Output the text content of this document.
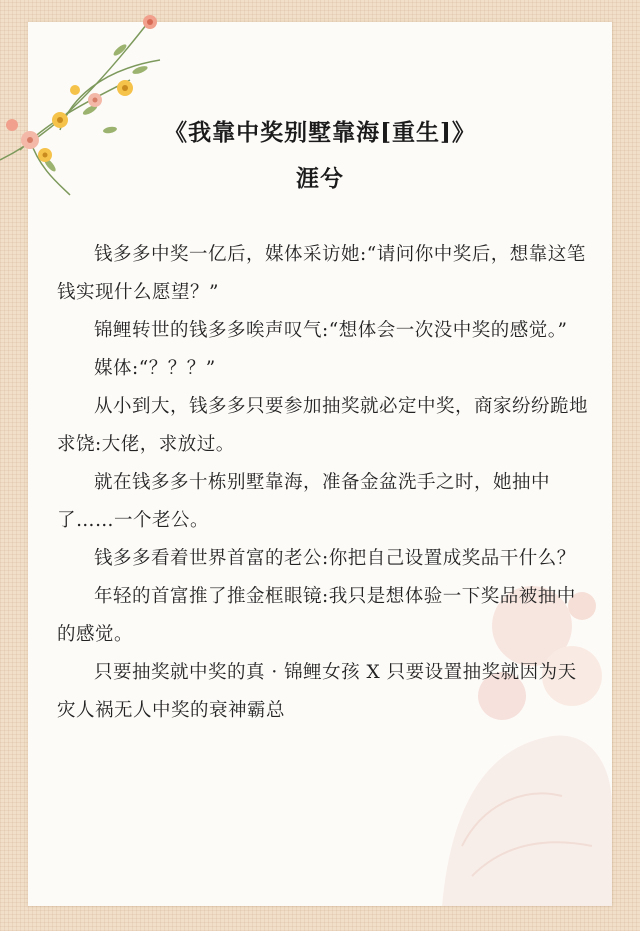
《我靠中奖别墅靠海[重生]》
涯兮

钱多多中奖一亿后，媒体采访她:“请问你中奖后，想靠这笔钱实现什么愿望？”

锦鲤转世的钱多多唉声叹气:“想体会一次没中奖的感觉。”

媒体:“？？？”

从小到大，钱多多只要参加抽奖就必定中奖，商家纷纷跪地求饶:大佬，求放过。

就在钱多多十栋别墅靠海，准备金盆洗手之时，她抽中了……一个老公。

钱多多看着世界首富的老公:你把自己设置成奖品干什么？

年轻的首富推了推金框眼镜:我只是想体验一下奖品被抽中的感觉。

只要抽奖就中奖的真 · 锦鲤女孩 X 只要设置抽奖就因为天灾人祸无人中奖的衰神霸总
